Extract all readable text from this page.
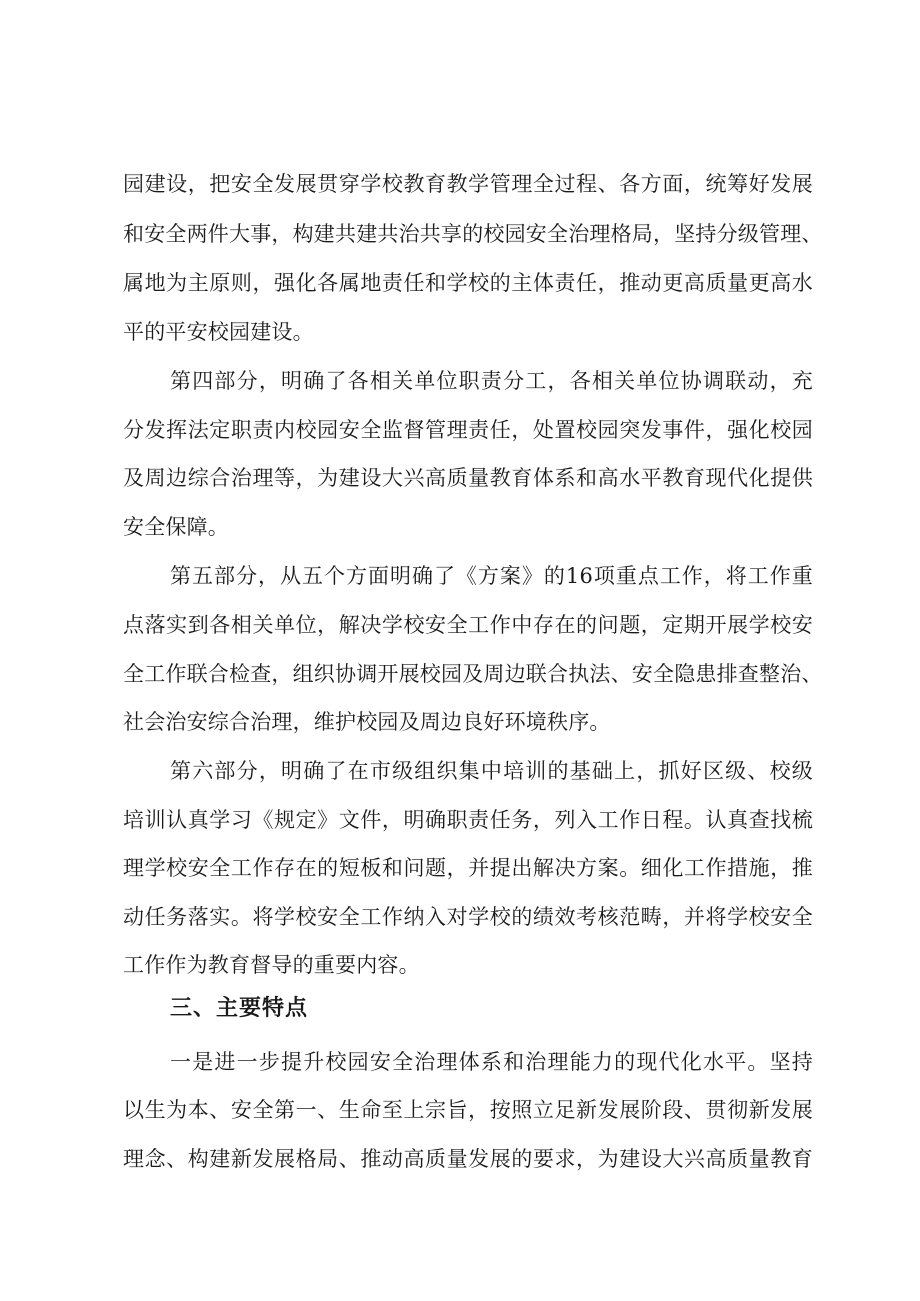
园建设，把安全发展贯穿学校教育教学管理全过程、各方面，统筹好发展
和安全两件大事，构建共建共治共享的校园安全治理格局，坚持分级管理、
属地为主原则，强化各属地责任和学校的主体责任，推动更高质量更高水
平的平安校园建设。
第四部分，明确了各相关单位职责分工，各相关单位协调联动，充
分发挥法定职责内校园安全监督管理责任，处置校园突发事件，强化校园
及周边综合治理等，为建设大兴高质量教育体系和高水平教育现代化提供
安全保障。
第五部分，从五个方面明确了《方案》的16项重点工作，将工作重
点落实到各相关单位，解决学校安全工作中存在的问题，定期开展学校安
全工作联合检查，组织协调开展校园及周边联合执法、安全隐患排查整治、
社会治安综合治理，维护校园及周边良好环境秩序。
第六部分，明确了在市级组织集中培训的基础上，抓好区级、校级
培训认真学习《规定》文件，明确职责任务，列入工作日程。认真查找梳
理学校安全工作存在的短板和问题，并提出解决方案。细化工作措施，推
动任务落实。将学校安全工作纳入对学校的绩效考核范畴，并将学校安全
工作作为教育督导的重要内容。
三、主要特点
一是进一步提升校园安全治理体系和治理能力的现代化水平。坚持
以生为本、安全第一、生命至上宗旨，按照立足新发展阶段、贯彻新发展
理念、构建新发展格局、推动高质量发展的要求，为建设大兴高质量教育
